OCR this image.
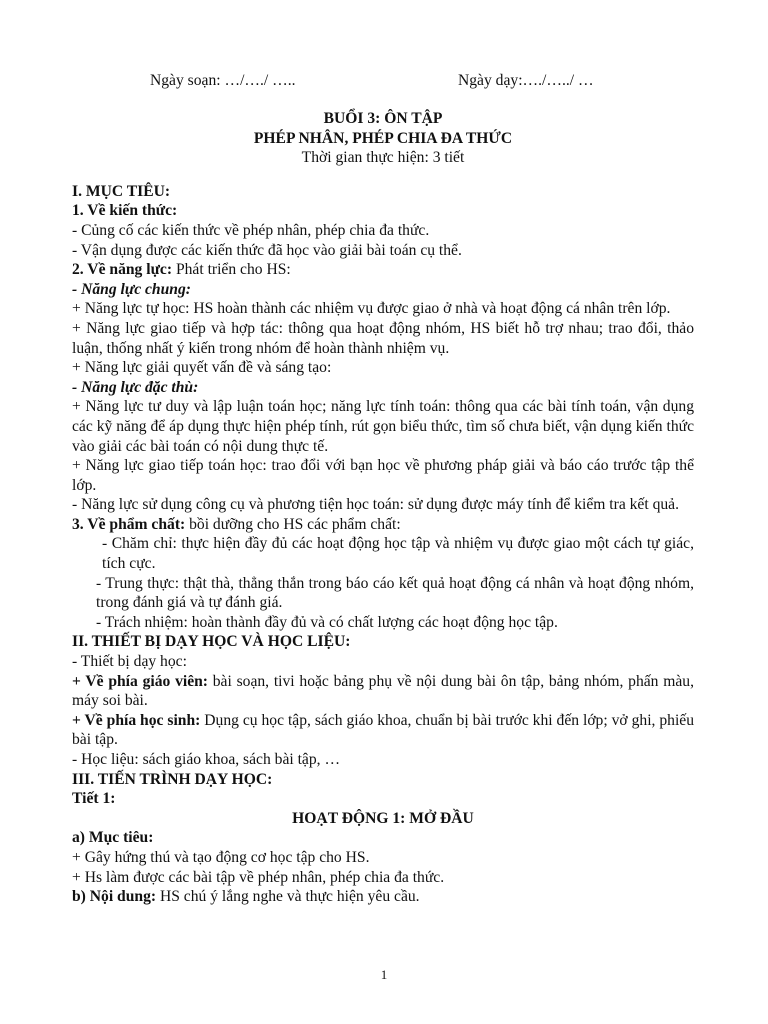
Ngày soạn: …/…./ …..	Ngày dạy:…./…../ …
BUỔI 3: ÔN TẬP
PHÉP NHÂN, PHÉP CHIA ĐA THỨC
Thời gian thực hiện: 3 tiết
I. MỤC TIÊU:
1. Về kiến thức:
- Củng cố các kiến thức về phép nhân, phép chia đa thức.
- Vận dụng được các kiến thức đã học vào giải bài toán cụ thể.
2. Về năng lực: Phát triển cho HS:
- Năng lực chung:
+ Năng lực tự học: HS hoàn thành các nhiệm vụ được giao ở nhà và hoạt động cá nhân trên lớp.
+ Năng lực giao tiếp và hợp tác: thông qua hoạt động nhóm, HS biết hỗ trợ nhau; trao đổi, thảo luận, thống nhất ý kiến trong nhóm để hoàn thành nhiệm vụ.
+ Năng lực giải quyết vấn đề và sáng tạo:
- Năng lực đặc thù:
+ Năng lực tư duy và lập luận toán học; năng lực tính toán: thông qua các bài tính toán, vận dụng các kỹ năng để áp dụng thực hiện phép tính, rút gọn biểu thức, tìm số chưa biết, vận dụng kiến thức vào giải các bài toán có nội dung thực tế.
+ Năng lực giao tiếp toán học: trao đổi với bạn học về phương pháp giải và báo cáo trước tập thể lớp.
- Năng lực sử dụng công cụ và phương tiện học toán: sử dụng được máy tính để kiểm tra kết quả.
3. Về phẩm chất: bồi dưỡng cho HS các phẩm chất:
- Chăm chỉ: thực hiện đầy đủ các hoạt động học tập và nhiệm vụ được giao một cách tự giác, tích cực.
- Trung thực: thật thà, thẳng thắn trong báo cáo kết quả hoạt động cá nhân và hoạt động nhóm, trong đánh giá và tự đánh giá.
- Trách nhiệm: hoàn thành đầy đủ và có chất lượng các hoạt động học tập.
II. THIẾT BỊ DẠY HỌC VÀ HỌC LIỆU:
- Thiết bị dạy học:
+ Về phía giáo viên: bài soạn, tivi hoặc bảng phụ về nội dung bài ôn tập, bảng nhóm, phấn màu, máy soi bài.
+ Về phía học sinh: Dụng cụ học tập, sách giáo khoa, chuẩn bị bài trước khi đến lớp; vở ghi, phiếu bài tập.
- Học liệu: sách giáo khoa, sách bài tập, …
III. TIẾN TRÌNH DẠY HỌC:
Tiết 1:
HOẠT ĐỘNG 1: MỞ ĐẦU
a) Mục tiêu:
+ Gây hứng thú và tạo động cơ học tập cho HS.
+ Hs làm được các bài tập về phép nhân, phép chia đa thức.
b) Nội dung: HS chú ý lắng nghe và thực hiện yêu cầu.
1
